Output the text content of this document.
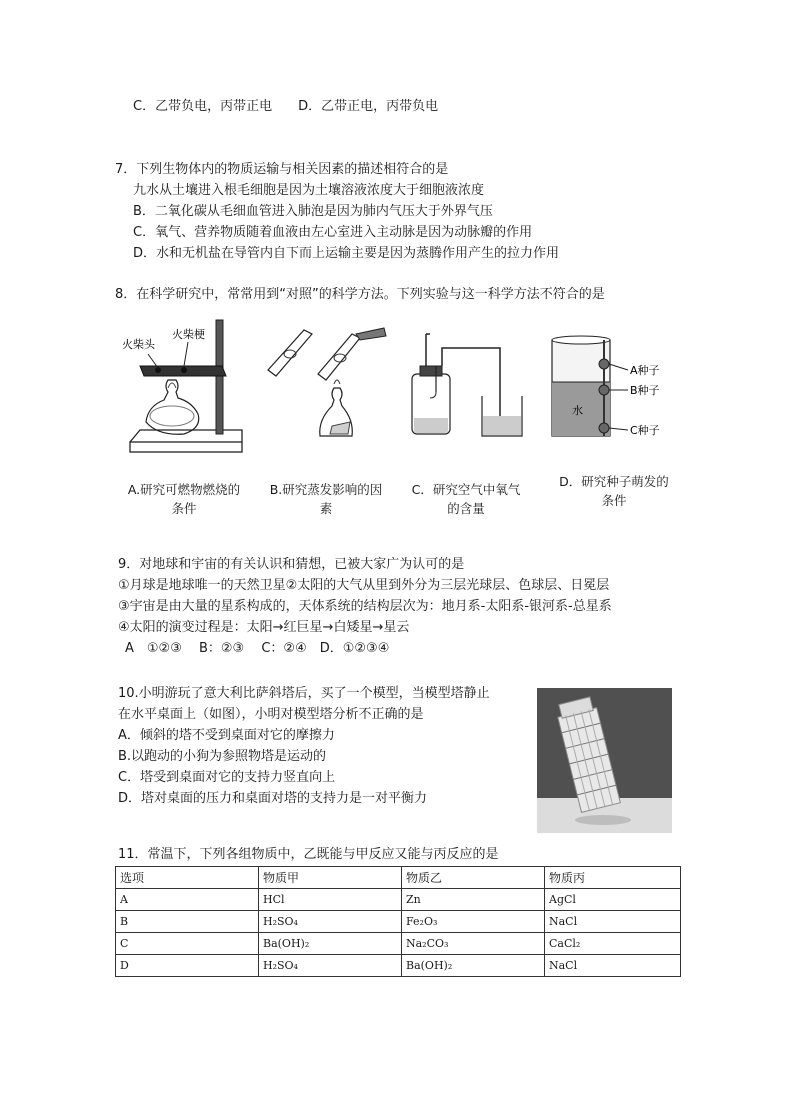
C．乙带负电，丙带正电　　D．乙带正电，丙带负电
7．下列生物体内的物质运输与相关因素的描述相符合的是
九水从土壤进入根毛细胞是因为土壤溶液浓度大于细胞液浓度
B．二氧化碳从毛细血管进入肺泡是因为肺内气压大于外界气压
C．氧气、营养物质随着血液由左心室进入主动脉是因为动脉瓣的作用
D．水和无机盐在导管内自下而上运输主要是因为蒸腾作用产生的拉力作用
8．在科学研究中，常常用到“对照”的科学方法。下列实验与这一科学方法不符合的是
火柴头
火柴梗
A.研究可燃物燃烧的
条件
B.研究蒸发影响的因
素
C．研究空气中氧气
的含量
水
A种子
B种子
C种子
D．研究种子萌发的
条件
9．对地球和宇宙的有关认识和猜想，已被大家广为认可的是
①月球是地球唯一的天然卫星②太阳的大气从里到外分为三层光球层、色球层、日冕层
③宇宙是由大量的星系构成的，天体系统的结构层次为：地月系-太阳系-银河系-总星系
④太阳的演变过程是：太阳→红巨星→白矮星→星云
A　①②③　 B：②③　 C：②④　D．①②③④
10.小明游玩了意大利比萨斜塔后，买了一个模型，当模型塔静止
在水平桌面上（如图），小明对模型塔分析不正确的是
A．倾斜的塔不受到桌面对它的摩擦力
B.以跑动的小狗为参照物塔是运动的
C．塔受到桌面对它的支持力竖直向上
D．塔对桌面的压力和桌面对塔的支持力是一对平衡力
11．常温下，下列各组物质中，乙既能与甲反应又能与丙反应的是
选项	物质甲	物质乙	物质丙
A	HCl	Zn	AgCl
B	H₂SO₄	Fe₂O₃	NaCl
C	Ba(OH)₂	Na₂CO₃	CaCl₂
D	H₂SO₄	Ba(OH)₂	NaCl
